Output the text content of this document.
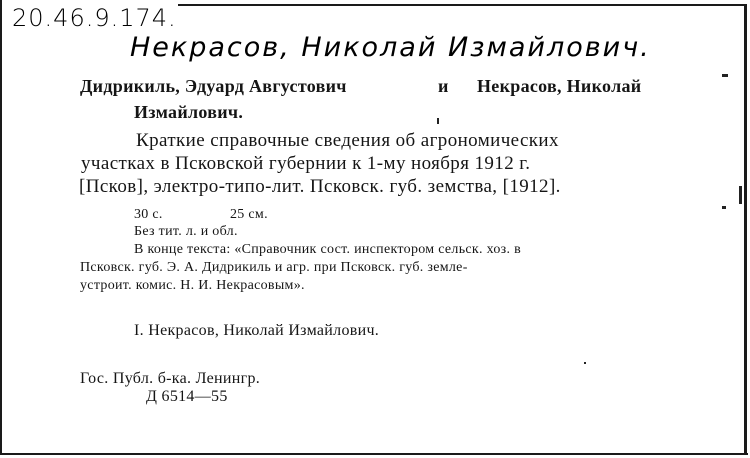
20.46.9.174.
Некрасов, Николай Измайлович.
Дидрикиль, Эдуард Августович	и Некрасов, Николай
Измайлович.
Краткие справочные сведения об агрономических
участках в Псковской губернии к 1-му ноября 1912 г.
[Псков], электро-типо-лит. Псковск. губ. земства, [1912].
30 с.	25 см.
Без тит. л. и обл.
В конце текста: «Справочник сост. инспектором сельск. хоз. в
Псковск. губ. Э. А. Дидрикиль и агр. при Псковск. губ. земле-
устроит. комис. Н. И. Некрасовым».
I. Некрасов, Николай Измайлович.
Гос. Публ. б-ка. Ленингр.
Д 6514—55
